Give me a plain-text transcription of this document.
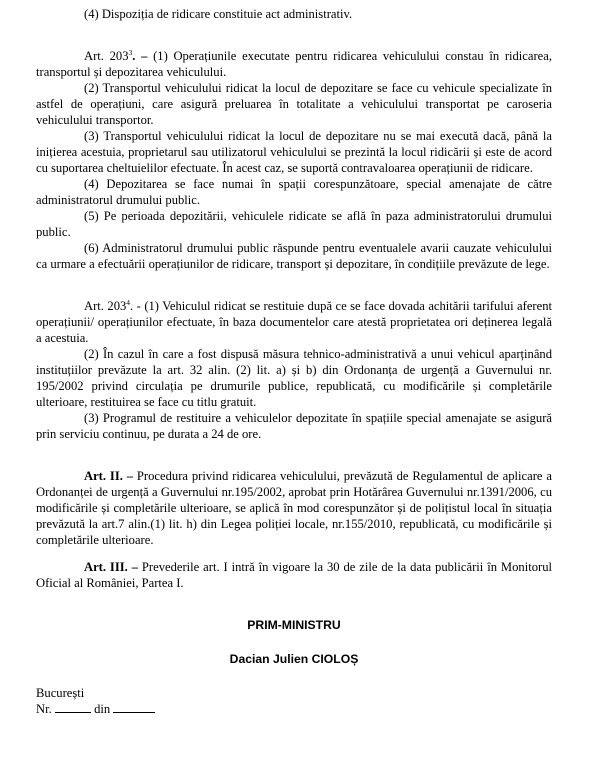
(4) Dispoziția de ridicare constituie act administrativ.

Art. $203^3$. – (1) Operațiunile executate pentru ridicarea vehiculului constau în ridicarea, transportul și depozitarea vehiculului.

(2) Transportul vehiculului ridicat la locul de depozitare se face cu vehicule specializate în astfel de operațiuni, care asigură preluarea în totalitate a vehiculului transportat pe caroseria vehiculului transportor.

(3) Transportul vehiculului ridicat la locul de depozitare nu se mai execută dacă, până la inițierea acestuia, proprietarul sau utilizatorul vehiculului se prezintă la locul ridicării și este de acord cu suportarea cheltuielilor efectuate. În acest caz, se suportă contravaloarea operațiunii de ridicare.

(4) Depozitarea se face numai în spații corespunzătoare, special amenajate de către administratorul drumului public.

(5) Pe perioada depozitării, vehiculele ridicate se află în paza administratorului drumului public.

(6) Administratorul drumului public răspunde pentru eventualele avarii cauzate vehiculului ca urmare a efectuării operațiunilor de ridicare, transport și depozitare, în condițiile prevăzute de lege.

Art. $203^4$. - (1) Vehiculul ridicat se restituie după ce se face dovada achitării tarifului aferent operațiunii/ operațiunilor efectuate, în baza documentelor care atestă proprietatea ori deținerea legală a acestuia.

(2) În cazul în care a fost dispusă măsura tehnico-administrativă a unui vehicul aparținând instituțiilor prevăzute la art. 32 alin. (2) lit. a) și b) din Ordonanța de urgență a Guvernului nr. 195/2002 privind circulația pe drumurile publice, republicată, cu modificările și completările ulterioare, restituirea se face cu titlu gratuit.

(3) Programul de restituire a vehiculelor depozitate în spațiile special amenajate se asigură prin serviciu continuu, pe durata a 24 de ore.

Art. II. – Procedura privind ridicarea vehiculului, prevăzută de Regulamentul de aplicare a Ordonanței de urgență a Guvernului nr.195/2002, aprobat prin Hotărârea Guvernului nr.1391/2006, cu modificările și completările ulterioare, se aplică în mod corespunzător și de polițistul local în situația prevăzută la art.7 alin.(1) lit. h) din Legea poliției locale, nr.155/2010, republicată, cu modificările și completările ulterioare.

Art. III. – Prevederile art. I intră în vigoare la 30 de zile de la data publicării în Monitorul Oficial al României, Partea I.

PRIM-MINISTRU

Dacian Julien CIOLOȘ

București

Nr.	din
